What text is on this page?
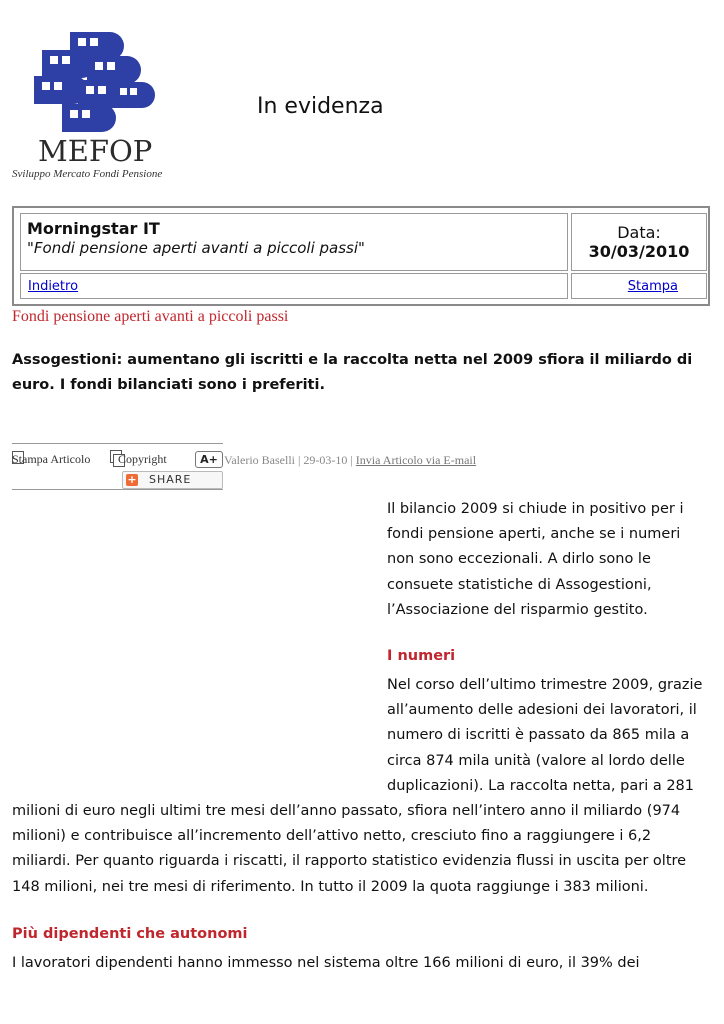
MEFOP
Sviluppo Mercato Fondi Pensione
In evidenza
Morningstar IT
"Fondi pensione aperti avanti a piccoli passi"
Data:
30/03/2010
Indietro	Stampa
Fondi pensione aperti avanti a piccoli passi
Assogestioni: aumentano gli iscritti e la raccolta netta nel 2009 sfiora il miliardo di
euro. I fondi bilanciati sono i preferiti.
Stampa Articolo Copyright	A+ Valerio Baselli | 29-03-10 | Invia Articolo via E-mail
+ SHARE
Il bilancio 2009 si chiude in positivo per i
fondi pensione aperti, anche se i numeri
non sono eccezionali. A dirlo sono le
consuete statistiche di Assogestioni,
l’Associazione del risparmio gestito.
I numeri
Nel corso dell’ultimo trimestre 2009, grazie
all’aumento delle adesioni dei lavoratori, il
numero di iscritti è passato da 865 mila a
circa 874 mila unità (valore al lordo delle
duplicazioni). La raccolta netta, pari a 281
milioni di euro negli ultimi tre mesi dell’anno passato, sfiora nell’intero anno il miliardo (974
milioni) e contribuisce all’incremento dell’attivo netto, cresciuto fino a raggiungere i 6,2
miliardi. Per quanto riguarda i riscatti, il rapporto statistico evidenzia flussi in uscita per oltre
148 milioni, nei tre mesi di riferimento. In tutto il 2009 la quota raggiunge i 383 milioni.
Più dipendenti che autonomi
I lavoratori dipendenti hanno immesso nel sistema oltre 166 milioni di euro, il 39% dei
